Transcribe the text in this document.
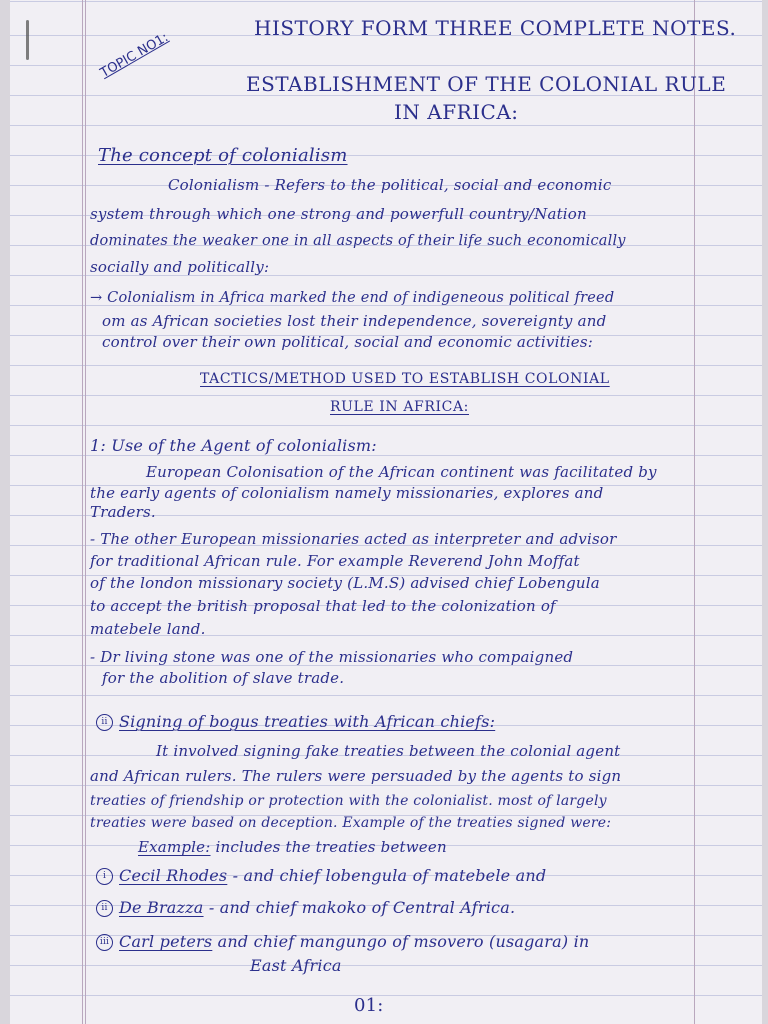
HISTORY FORM THREE COMPLETE NOTES.
TOPIC NO1:
ESTABLISHMENT OF THE COLONIAL RULE
IN AFRICA:
The concept of colonialism
Colonialism - Refers to the political, social and economic
system through which one strong and powerfull country/Nation
dominates the weaker one in all aspects of their life such economically
socially and politically:
→ Colonialism in Africa marked the end of indigeneous political freed
om as African societies lost their independence, sovereignty and
control over their own political, social and economic activities:
TACTICS/METHOD USED TO ESTABLISH COLONIAL
RULE IN AFRICA:
1: Use of the Agent of colonialism:
European Colonisation of the African continent was facilitated by
the early agents of colonialism namely missionaries, explores and
Traders.
- The other European missionaries acted as interpreter and advisor
for traditional African rule. For example Reverend John Moffat
of the london missionary society (L.M.S) advised chief Lobengula
to accept the british proposal that led to the colonization of
matebele land.
- Dr living stone was one of the missionaries who compaigned
for the abolition of slave trade.
ii Signing of bogus treaties with African chiefs:
It involved signing fake treaties between the colonial agent
and African rulers. The rulers were persuaded by the agents to sign
treaties of friendship or protection with the colonialist. most of largely
treaties were based on deception. Example of the treaties signed were:
Example: includes the treaties between
i Cecil Rhodes - and chief lobengula of matebele and
ii De Brazza - and chief makoko of Central Africa.
iii Carl peters and chief mangungo of msovero (usagara) in
East Africa
01:
